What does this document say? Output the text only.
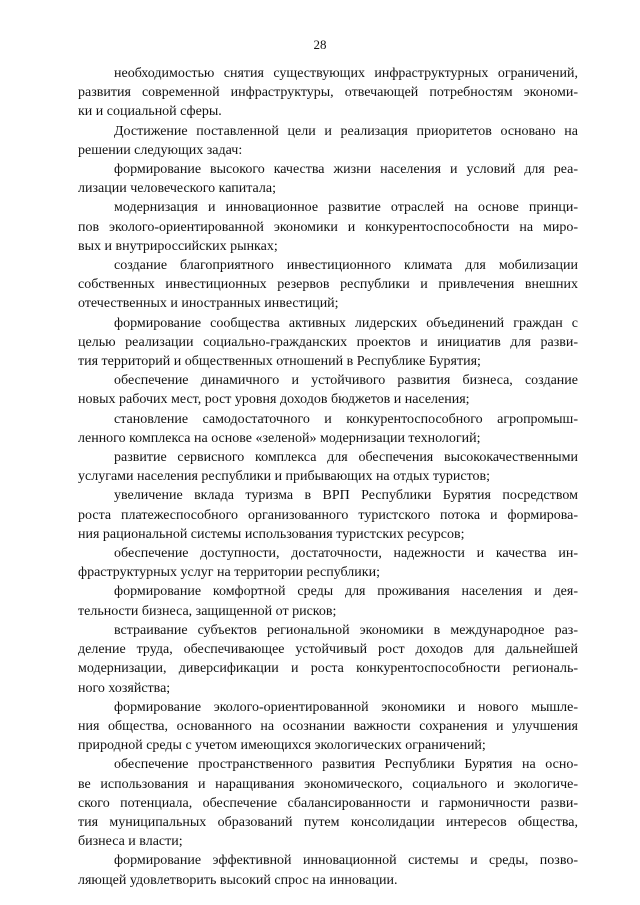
28
необходимостью снятия существующих инфраструктурных ограничений,
развития современной инфраструктуры, отвечающей потребностям экономи-
ки и социальной сферы.
Достижение поставленной цели и реализация приоритетов основано на
решении следующих задач:
формирование высокого качества жизни населения и условий для реа-
лизации человеческого капитала;
модернизация и инновационное развитие отраслей на основе принци-
пов эколого-ориентированной экономики и конкурентоспособности на миро-
вых и внутрироссийских рынках;
создание благоприятного инвестиционного климата для мобилизации
собственных инвестиционных резервов республики и привлечения внешних
отечественных и иностранных инвестиций;
формирование сообщества активных лидерских объединений граждан с
целью реализации социально-гражданских проектов и инициатив для разви-
тия территорий и общественных отношений в Республике Бурятия;
обеспечение динамичного и устойчивого развития бизнеса, создание
новых рабочих мест, рост уровня доходов бюджетов и населения;
становление самодостаточного и конкурентоспособного агропромыш-
ленного комплекса на основе «зеленой» модернизации технологий;
развитие сервисного комплекса для обеспечения высококачественными
услугами населения республики и прибывающих на отдых туристов;
увеличение вклада туризма в ВРП Республики Бурятия посредством
роста платежеспособного организованного туристского потока и формирова-
ния рациональной системы использования туристских ресурсов;
обеспечение доступности, достаточности, надежности и качества ин-
фраструктурных услуг на территории республики;
формирование комфортной среды для проживания населения и дея-
тельности бизнеса, защищенной от рисков;
встраивание субъектов региональной экономики в международное раз-
деление труда, обеспечивающее устойчивый рост доходов для дальнейшей
модернизации, диверсификации и роста конкурентоспособности региональ-
ного хозяйства;
формирование эколого-ориентированной экономики и нового мышле-
ния общества, основанного на осознании важности сохранения и улучшения
природной среды с учетом имеющихся экологических ограничений;
обеспечение пространственного развития Республики Бурятия на осно-
ве использования и наращивания экономического, социального и экологиче-
ского потенциала, обеспечение сбалансированности и гармоничности разви-
тия муниципальных образований путем консолидации интересов общества,
бизнеса и власти;
формирование эффективной инновационной системы и среды, позво-
ляющей удовлетворить высокий спрос на инновации.
